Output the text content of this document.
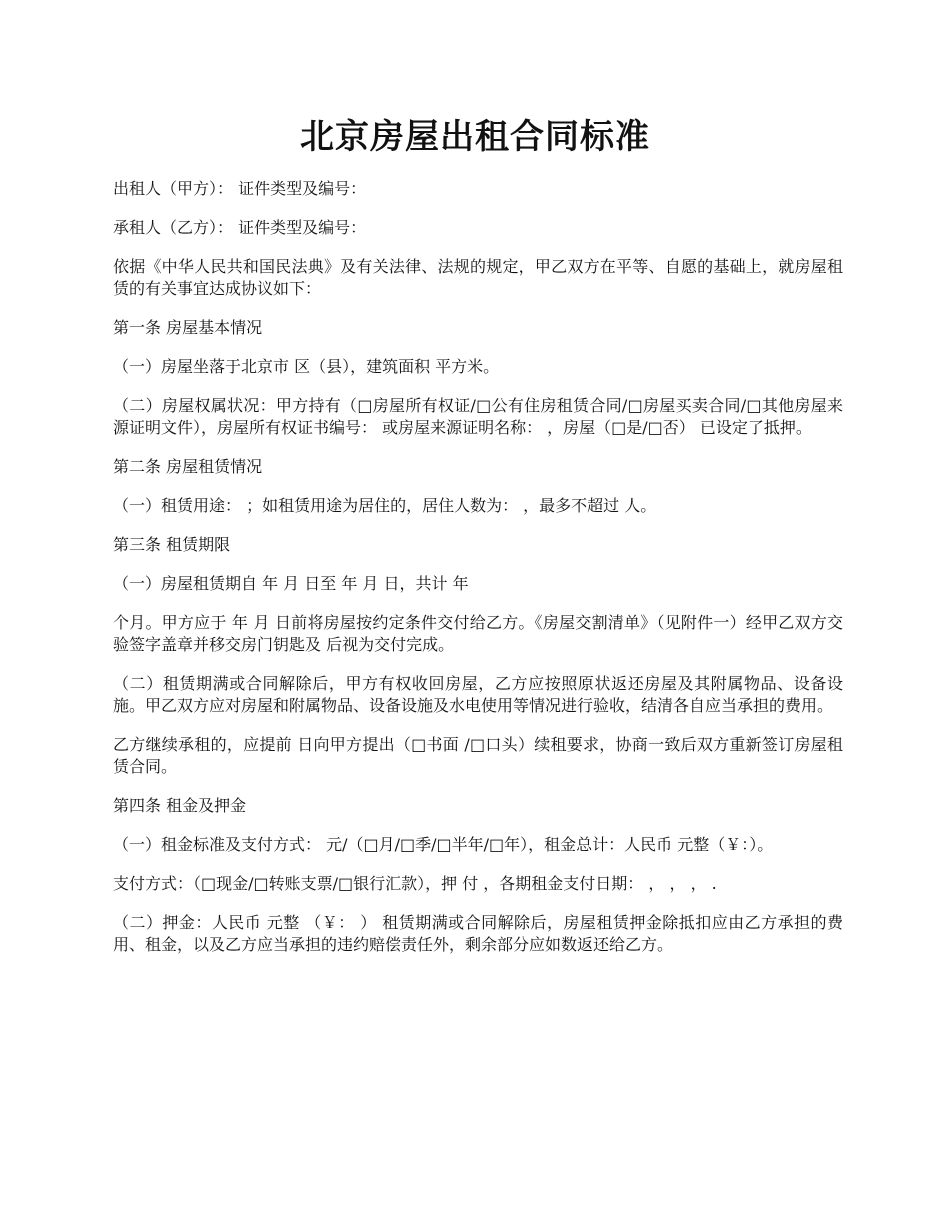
北京房屋出租合同标准

出租人（甲方）： 证件类型及编号：

承租人（乙方）： 证件类型及编号：

依据《中华人民共和国民法典》及有关法律、法规的规定，甲乙双方在平等、自愿的基础上，就房屋租赁的有关事宜达成协议如下：

第一条 房屋基本情况

（一）房屋坐落于北京市 区（县），建筑面积 平方米。

（二）房屋权属状况：甲方持有（□房屋所有权证/□公有住房租赁合同/□房屋买卖合同/□其他房屋来源证明文件），房屋所有权证书编号： 或房屋来源证明名称： ，房屋（□是/□否） 已设定了抵押。

第二条 房屋租赁情况

（一）租赁用途： ；如租赁用途为居住的，居住人数为： ，最多不超过 人。

第三条 租赁期限

（一）房屋租赁期自 年 月 日至 年 月 日，共计 年

个月。甲方应于 年 月 日前将房屋按约定条件交付给乙方。《房屋交割清单》（见附件一）经甲乙双方交验签字盖章并移交房门钥匙及 后视为交付完成。

（二）租赁期满或合同解除后，甲方有权收回房屋，乙方应按照原状返还房屋及其附属物品、设备设施。甲乙双方应对房屋和附属物品、设备设施及水电使用等情况进行验收，结清各自应当承担的费用。

乙方继续承租的，应提前 日向甲方提出（□书面 /□口头）续租要求，协商一致后双方重新签订房屋租赁合同。

第四条 租金及押金

（一）租金标准及支付方式： 元/（□月/□季/□半年/□年），租金总计：人民币 元整（￥：）。

支付方式：（□现金/□转账支票/□银行汇款），押 付 ，各期租金支付日期： ， ， ， .

（二）押金：人民币 元整 （￥： ） 租赁期满或合同解除后，房屋租赁押金除抵扣应由乙方承担的费用、租金，以及乙方应当承担的违约赔偿责任外，剩余部分应如数返还给乙方。
